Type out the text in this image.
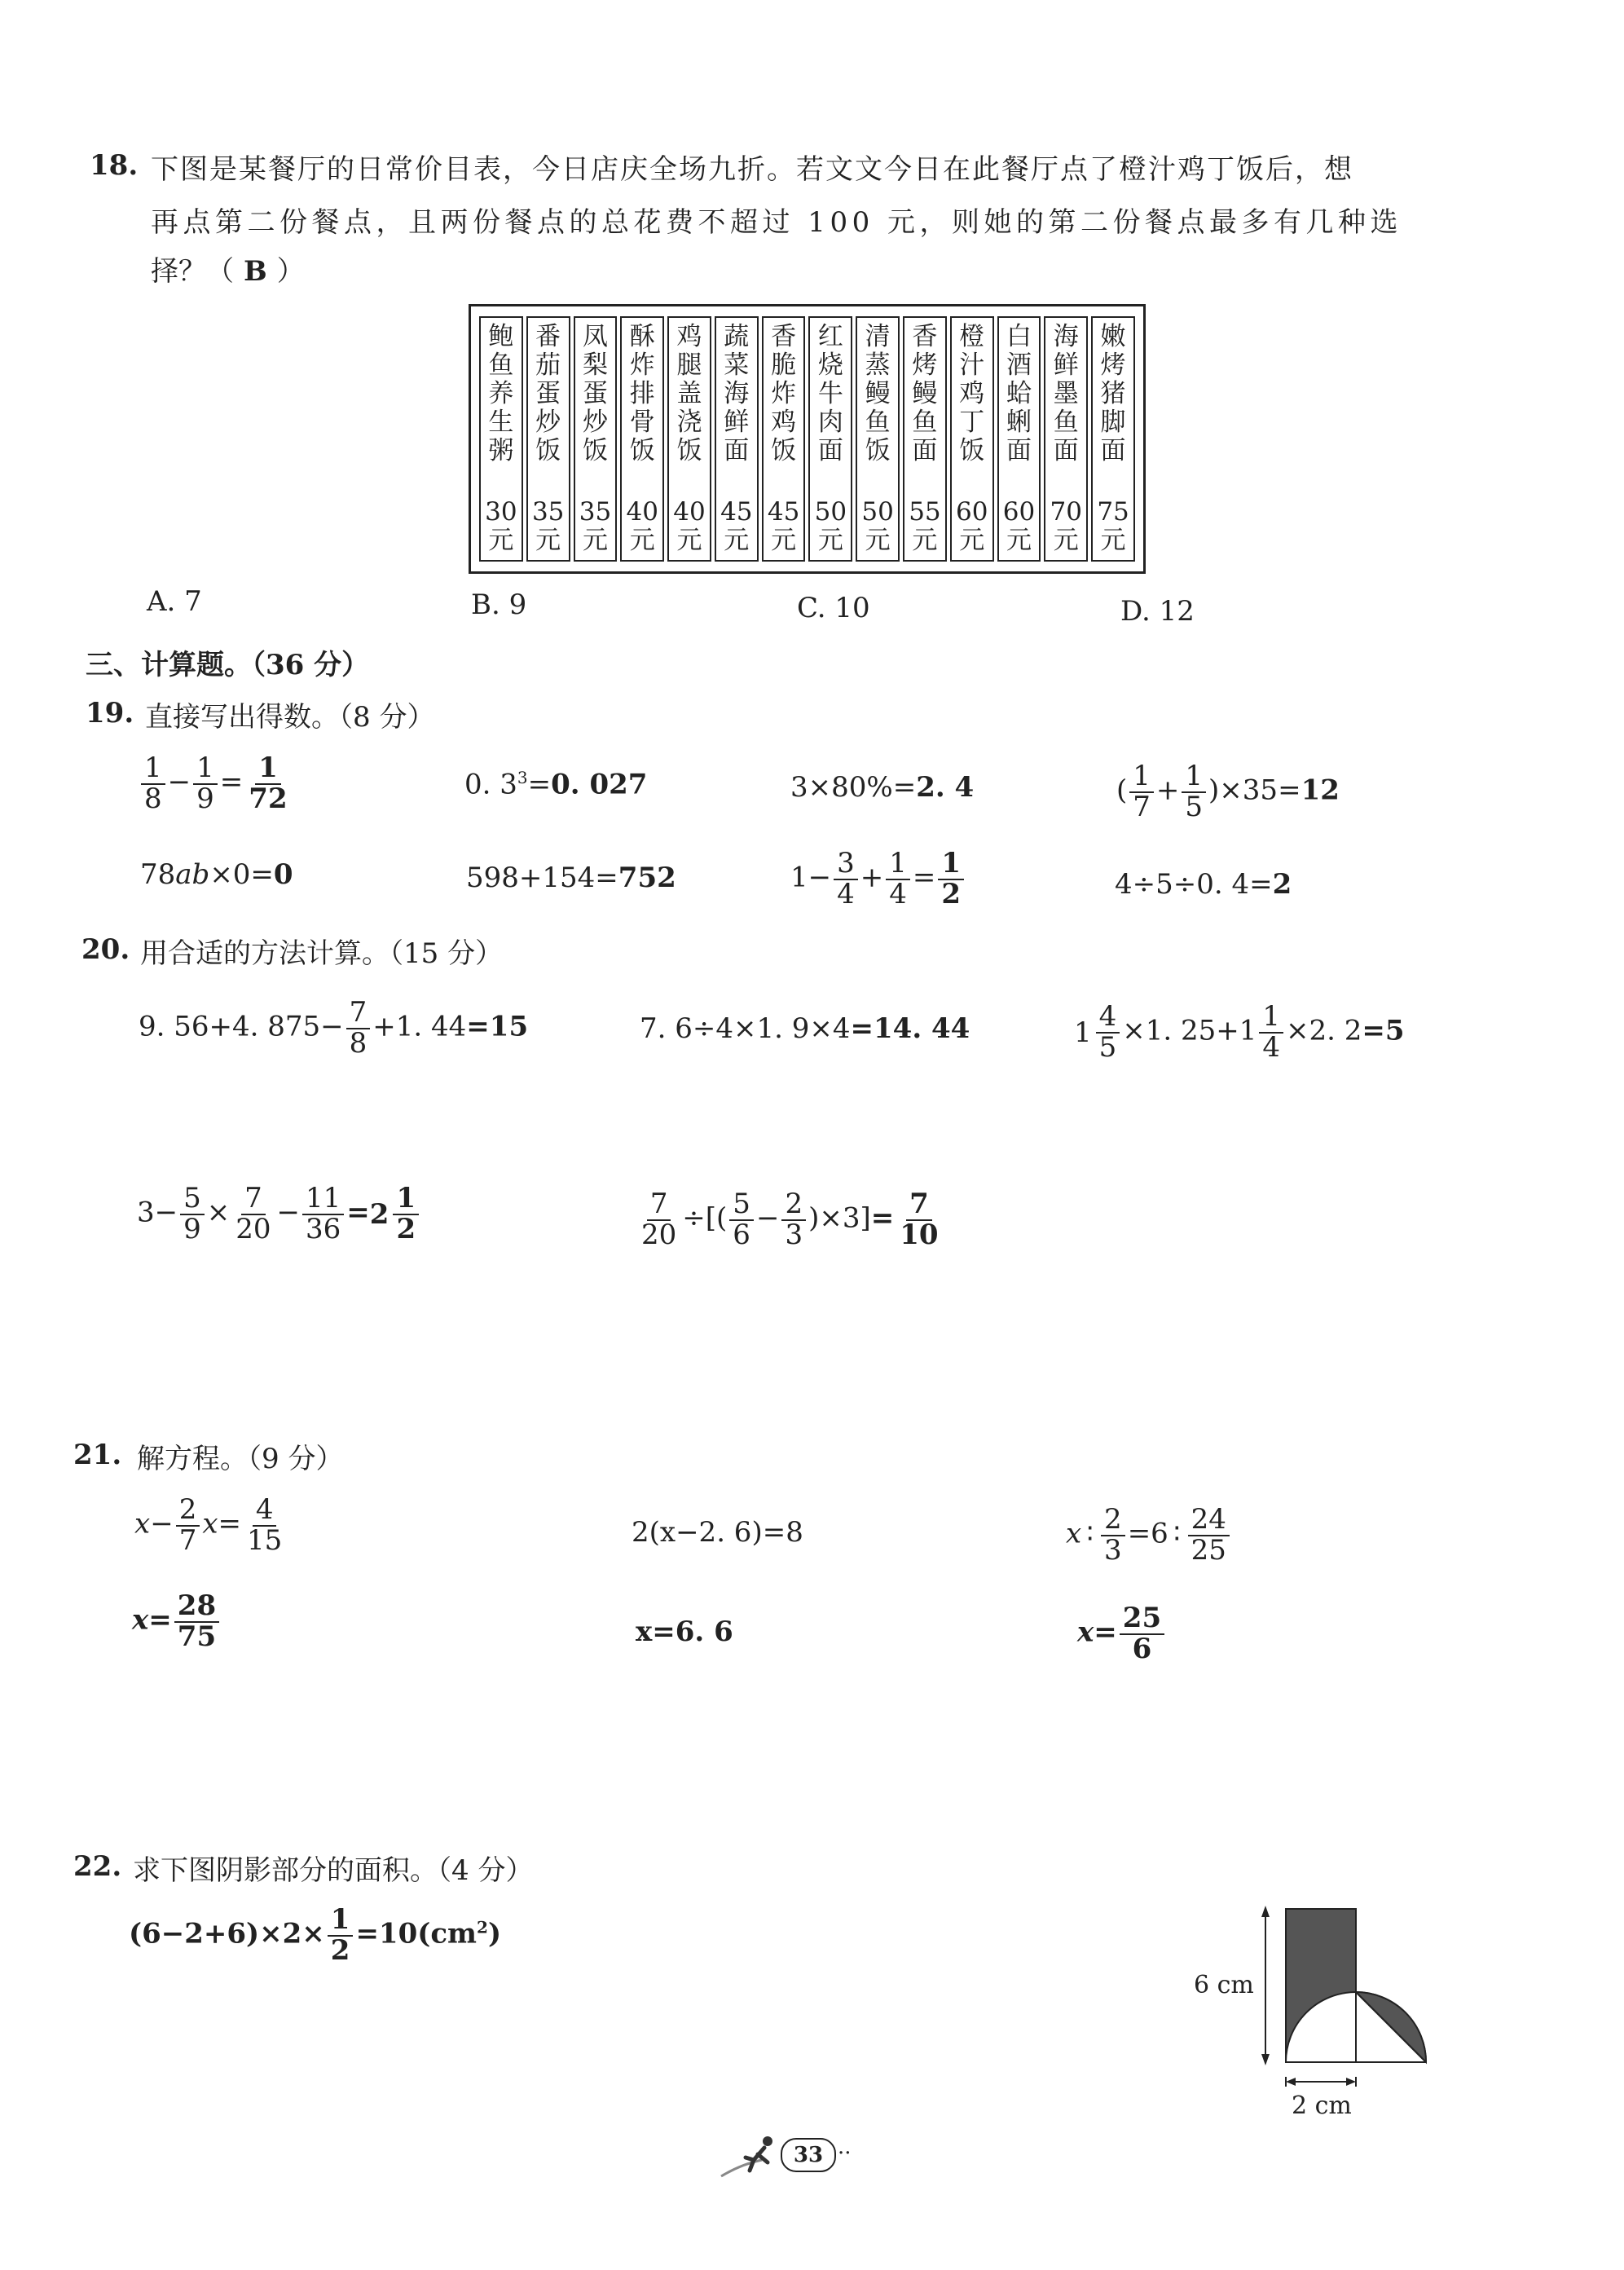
18. 下图是某餐厅的日常价目表，今日店庆全场九折。若文文今日在此餐厅点了橙汁鸡丁饭后，想
再点第二份餐点，且两份餐点的总花费不超过 100 元，则她的第二份餐点最多有几种选
择？（ B ）
鲍
鱼
养
生
粥
30
元
番
茄
蛋
炒
饭
35
元
凤
梨
蛋
炒
饭
35
元
酥
炸
排
骨
饭
40
元
鸡
腿
盖
浇
饭
40
元
蔬
菜
海
鲜
面
45
元
香
脆
炸
鸡
饭
45
元
红
烧
牛
肉
面
50
元
清
蒸
鳗
鱼
饭
50
元
香
烤
鳗
鱼
面
55
元
橙
汁
鸡
丁
饭
60
元
白
酒
蛤
蜊
面
60
元
海
鲜
墨
鱼
面
70
元
嫩
烤
猪
脚
面
75
元
A. 7	B. 9	C. 10	D. 12
三、计算题。（36 分）
19. 直接写出得数。（8 分）
$\frac{1}{8} - \frac{1}{9} = \frac{1}{72}$	0. $3^3=0$. 027	3×80%=2. 4	( $\frac{1}{7} + \frac{1}{5} )\times 35=12$
78ab×0=0	598+154=752	$1- \frac{3}{4} + \frac{1}{4} = \frac{1}{2}$	4÷5÷0. 4=2
20. 用合适的方法计算。（15 分）
9. 56+4. $875- \frac{7}{8} +1$. 44=15	7. 6÷4×1. 9×4=14. 44	$1 \frac{4}{5} \times 1$. $25+1 \frac{1}{4} \times 2$. 2=5
$3- \frac{5}{9} \times \frac{7}{20} - \frac{11}{36} = 2 \frac{1}{2}$	$\frac{7}{20}$ ÷[( $\frac{5}{6} - \frac{2}{3} )\times 3]= \frac{7}{10}$
21. 解方程。（9 分）
$x- \frac{2}{7} x= \frac{4}{15}$	2(x−2. 6)=8	x ∶ $\frac{2}{3} =6$ ∶ $\frac{24}{25}$
$x= \frac{28}{75}$	x=6. 6	$x= \frac{25}{6}$
22. 求下图阴影部分的面积。（4 分）
$(6-2+6)\times 2\times \frac{1}{2} =10(cm^2)$
6 cm
2 cm
33 ··
